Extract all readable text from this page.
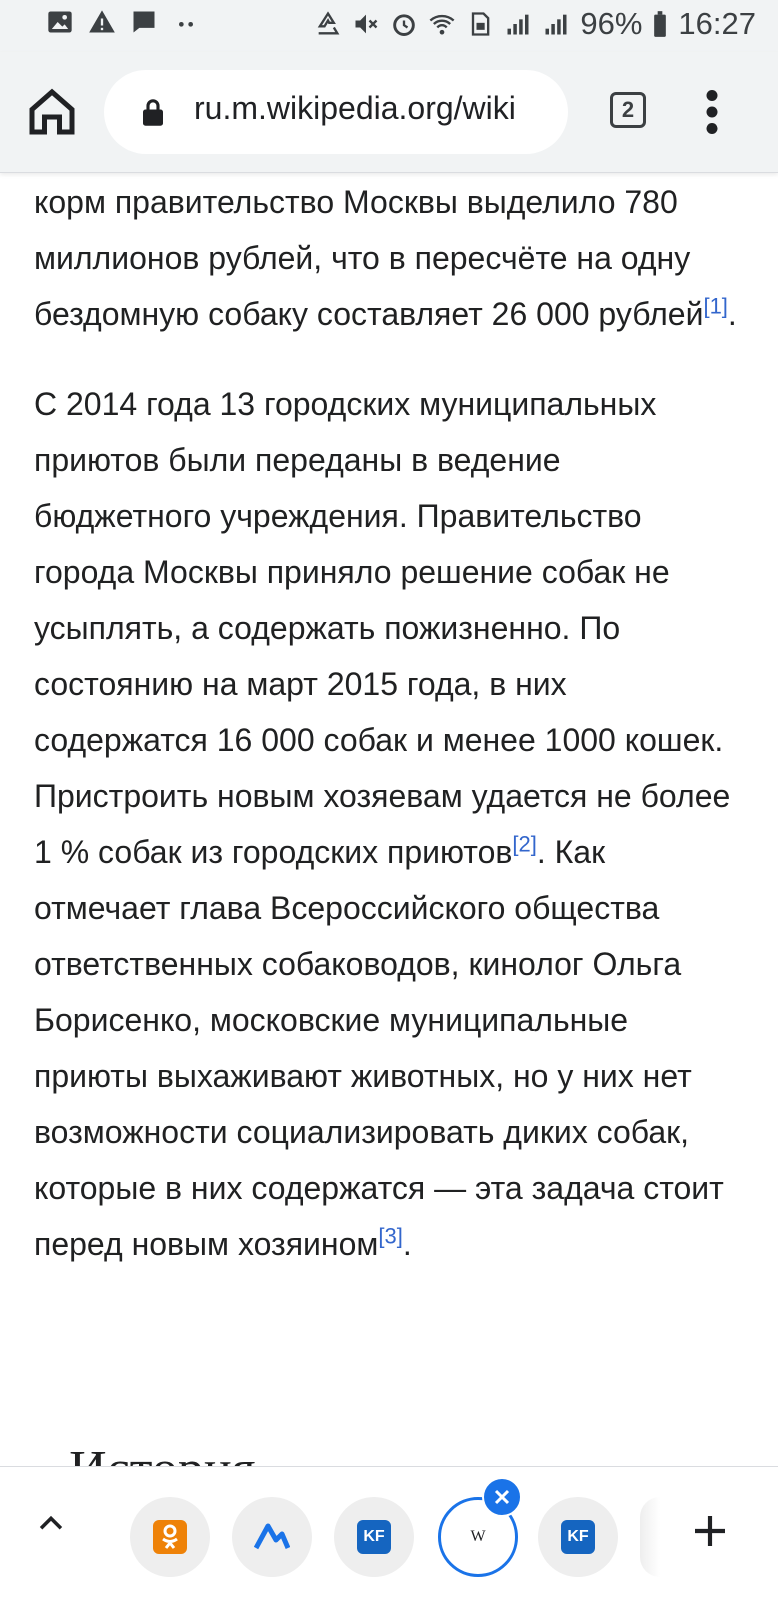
96% 16:27
ru.m.wikipedia.org/wiki	2

корм правительство Москвы выделило 780 миллионов рублей, что в пересчёте на одну бездомную собаку составляет 26 000 рублей[1].

С 2014 года 13 городских муниципальных приютов были переданы в ведение бюджетного учреждения. Правительство города Москвы приняло решение собак не усыплять, а содержать пожизненно. По состоянию на март 2015 года, в них содержатся 16 000 собак и менее 1000 кошек. Пристроить новым хозяевам удается не более 1 % собак из городских приютов[2]. Как отмечает глава Всероссийского общества ответственных собаководов, кинолог Ольга Борисенко, московские муниципальные приюты выхаживают животных, но у них нет возможности социализировать диких собак, которые в них содержатся — эта задача стоит перед новым хозяином[3].

KF	W	KF
